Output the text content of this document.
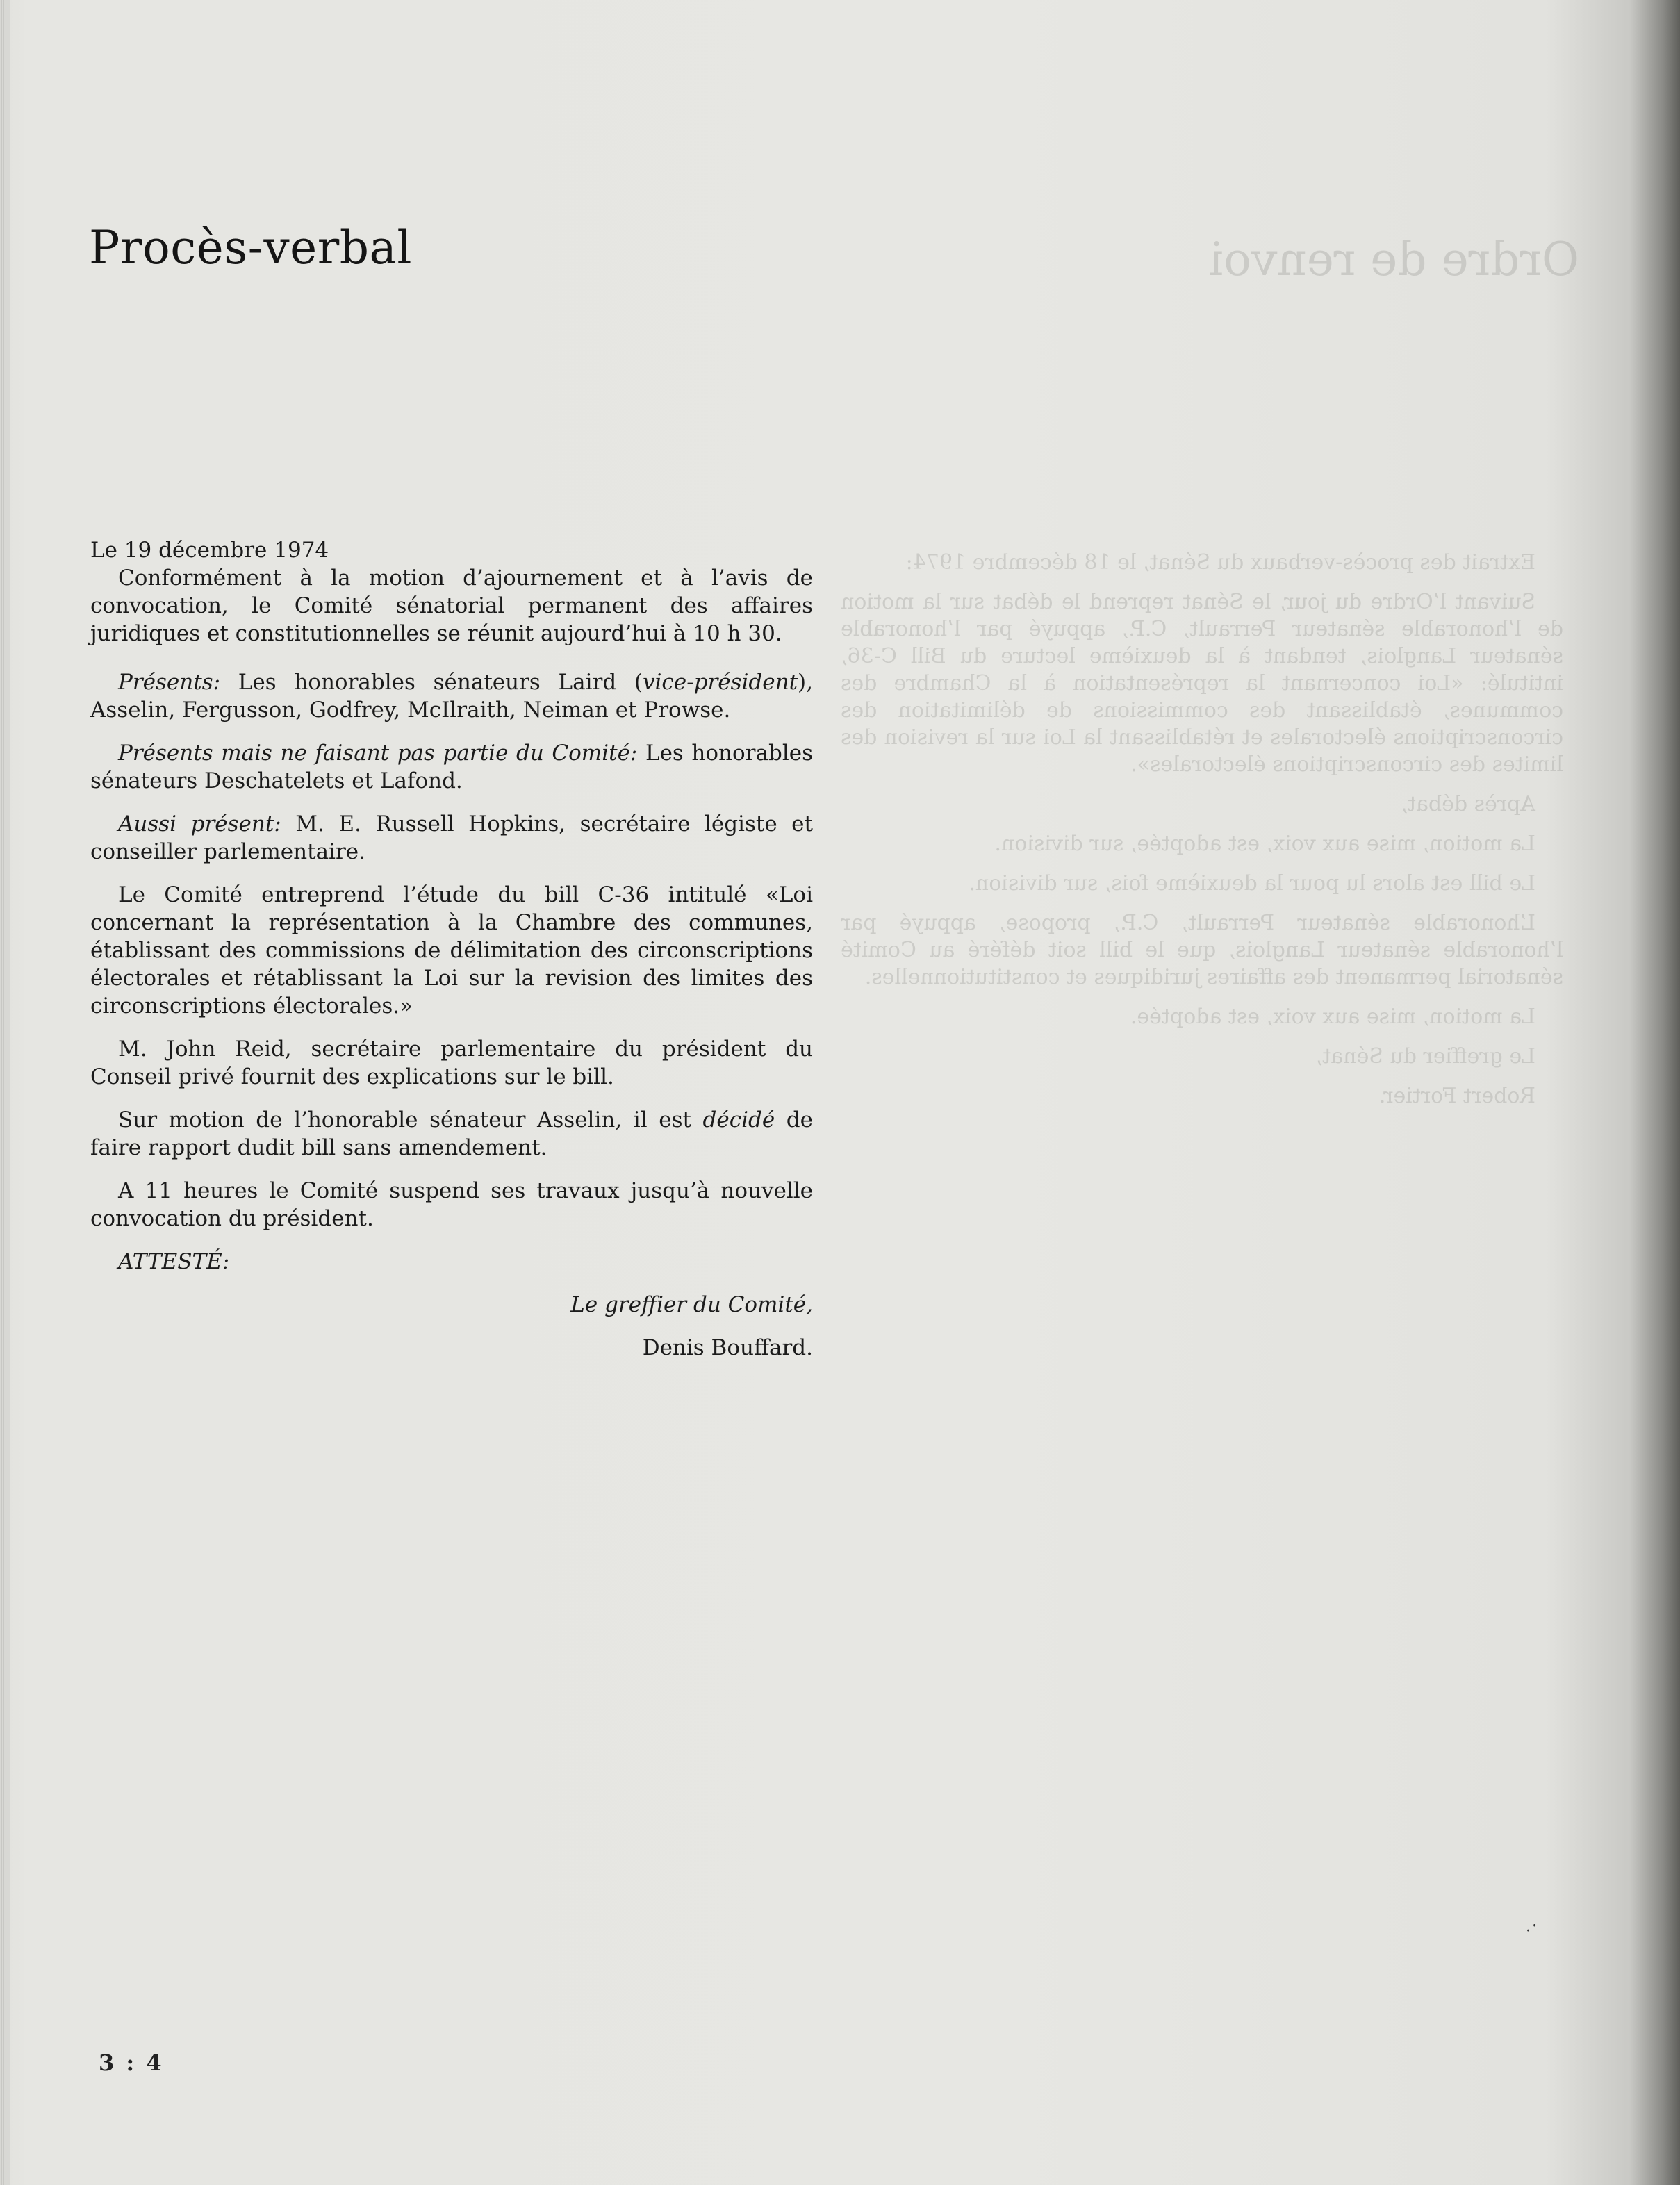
Ordre de renvoi

Extrait des procès-verbaux du Sénat, le 18 décembre 1974:

Suivant l’Ordre du jour, le Sénat reprend le débat sur la motion de l’honorable sénateur Perrault, C.P., appuyé par l’honorable sénateur Langlois, tendant à la deuxième lecture du Bill C-36, intitulé: «Loi concernant la représentation à la Chambre des communes, établissant des commissions de délimitation des circonscriptions électorales et rétablissant la Loi sur la revision des limites des circonscriptions électorales».

Après débat,

La motion, mise aux voix, est adoptée, sur division.

Le bill est alors lu pour la deuxième fois, sur division.

L’honorable sénateur Perrault, C.P., propose, appuyé par l’honorable sénateur Langlois, que le bill soit déféré au Comité sénatorial permanent des affaires juridiques et constitutionnelles.

La motion, mise aux voix, est adoptée.

Le greffier du Sénat,

Robert Fortier.

Procès-verbal

Le 19 décembre 1974

Conformément à la motion d’ajournement et à l’avis de convocation, le Comité sénatorial permanent des affaires juridiques et constitutionnelles se réunit aujourd’hui à 10 h 30.

Présents: Les honorables sénateurs Laird (vice-président), Asselin, Fergusson, Godfrey, McIlraith, Neiman et Prowse.

Présents mais ne faisant pas partie du Comité: Les honorables sénateurs Deschatelets et Lafond.

Aussi présent: M. E. Russell Hopkins, secrétaire légiste et conseiller parlementaire.

Le Comité entreprend l’étude du bill C-36 intitulé «Loi concernant la représentation à la Chambre des communes, établissant des commissions de délimitation des circonscriptions électorales et rétablissant la Loi sur la revision des limites des circonscriptions électorales.»

M. John Reid, secrétaire parlementaire du président du Conseil privé fournit des explications sur le bill.

Sur motion de l’honorable sénateur Asselin, il est décidé de faire rapport dudit bill sans amendement.

A 11 heures le Comité suspend ses travaux jusqu’à nouvelle convocation du président.

ATTESTÉ:

Le greffier du Comité,

Denis Bouffard.

3 : 4
·˙
